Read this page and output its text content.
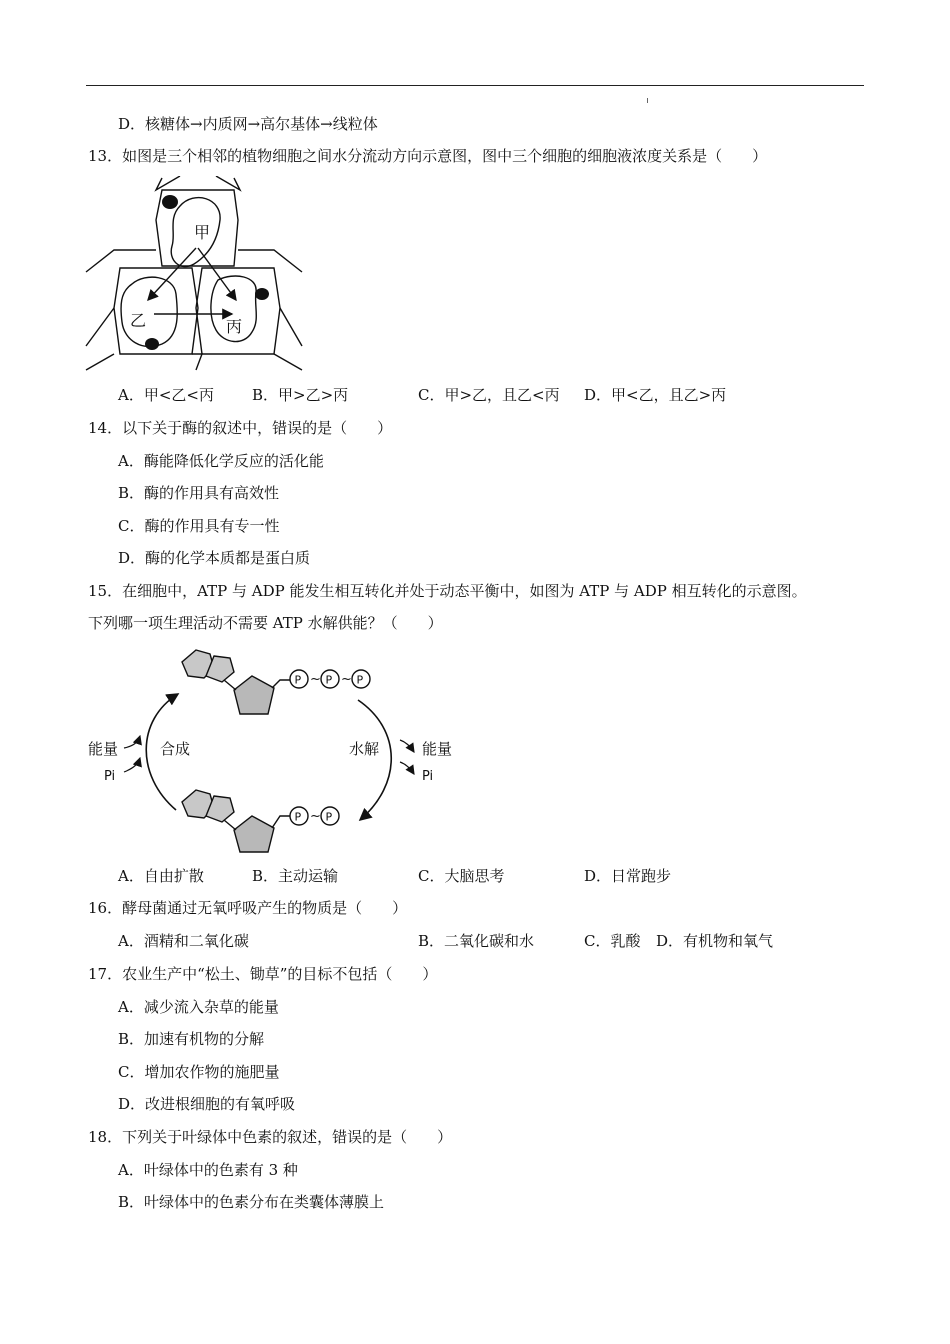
D．核糖体→内质网→高尔基体→线粒体
13．如图是三个相邻的植物细胞之间水分流动方向示意图，图中三个细胞的细胞液浓度关系是（　　）
甲
乙	丙
A．甲<乙<丙	B．甲>乙>丙	C．甲>乙，且乙<丙 D．甲<乙，且乙>丙
14．以下关于酶的叙述中，错误的是（　　）
A．酶能降低化学反应的活化能
B．酶的作用具有高效性
C．酶的作用具有专一性
D．酶的化学本质都是蛋白质
15．在细胞中，ATP 与 ADP 能发生相互转化并处于动态平衡中，如图为 ATP 与 ADP 相互转化的示意图。
下列哪一项生理活动不需要 ATP 水解供能？（　　）
P ~ P ~ P
P ~ P
能量
Pi
合成	水解	能量
Pi
A．自由扩散	B．主动运输	C．大脑思考	D．日常跑步
16．酵母菌通过无氧呼吸产生的物质是（　　）
A．酒精和二氧化碳	B．二氧化碳和水	C．乳酸 D．有机物和氧气
17．农业生产中“松土、锄草”的目标不包括（　　）
A．减少流入杂草的能量
B．加速有机物的分解
C．增加农作物的施肥量
D．改进根细胞的有氧呼吸
18．下列关于叶绿体中色素的叙述，错误的是（　　）
A．叶绿体中的色素有 3 种
B．叶绿体中的色素分布在类囊体薄膜上
